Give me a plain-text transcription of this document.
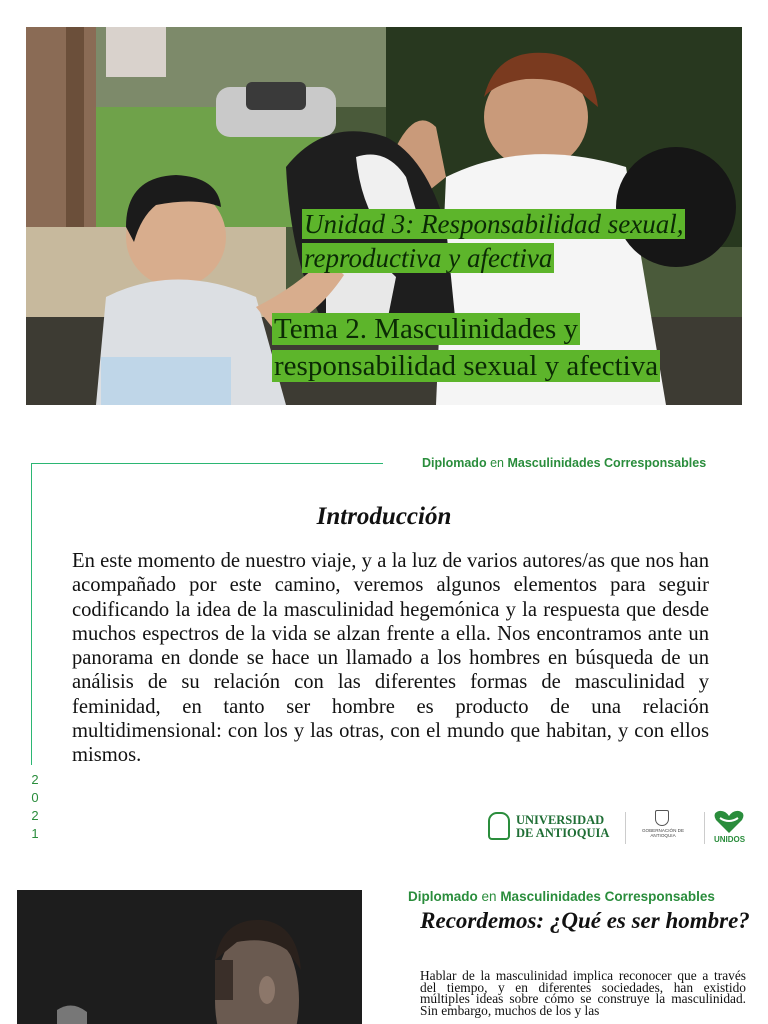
Unidad 3: Responsabilidad sexual, reproductiva y afectiva
Tema 2. Masculinidades y responsabilidad sexual y afectiva
Diplomado en Masculinidades Corresponsables
Introducción

En este momento de nuestro viaje, y a la luz de varios autores/as que nos han acompañado por este camino, veremos algunos elementos para seguir codificando la idea de la masculinidad hegemónica y la respuesta que desde muchos espectros de la vida se alzan frente a ella. Nos encontramos ante un panorama en donde se hace un llamado a los hombres en búsqueda de un análisis de su relación con las diferentes formas de masculinidad y feminidad, en tanto ser hombre es producto de una relación multidimensional: con los y las otras, con el mundo que habitan, y con ellos mismos.

2
0
2
1
UNIVERSIDAD
DE ANTIOQUIA	GOBERNACIÓN DE ANTIOQUIA	UNIDOS
Diplomado en Masculinidades Corresponsables
Recordemos: ¿Qué es ser hombre?

Hablar de la masculinidad implica reconocer que a través del tiempo, y en diferentes sociedades, han existido múltiples ideas sobre cómo se construye la masculinidad. Sin embargo, muchos de los y las
